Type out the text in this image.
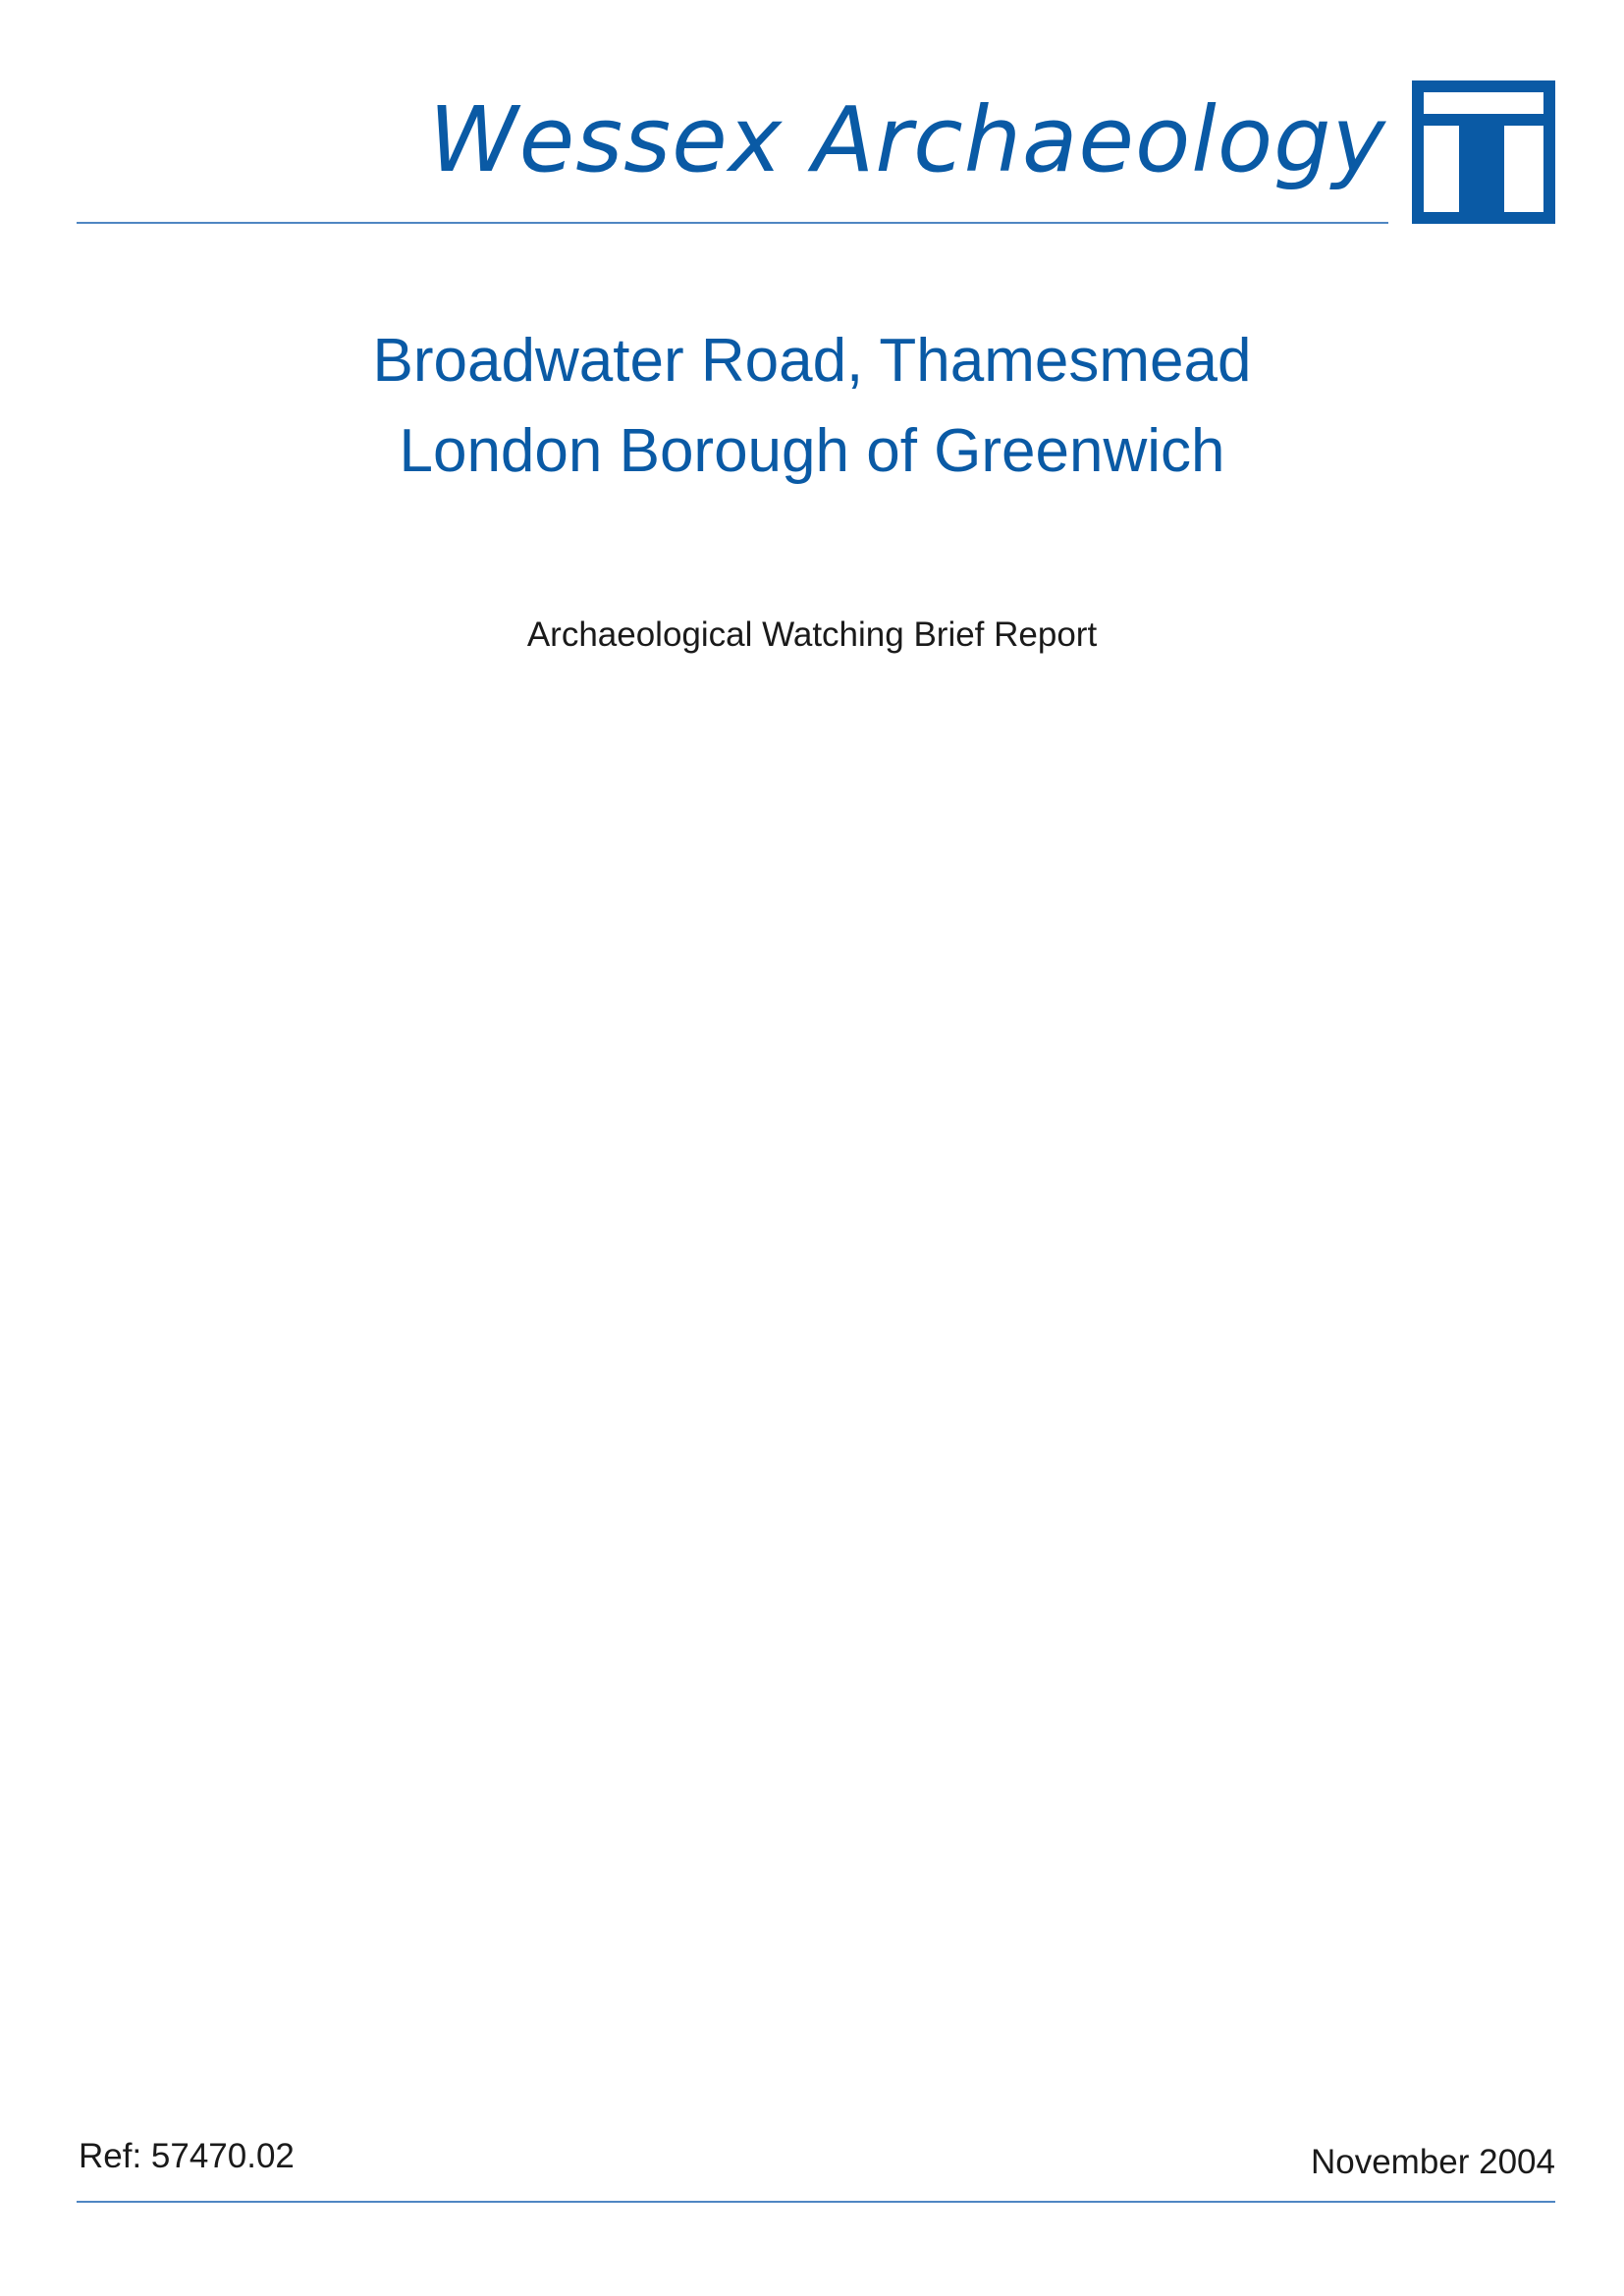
Wessex Archaeology
Broadwater Road, Thamesmead
London Borough of Greenwich
Archaeological Watching Brief Report
Ref: 57470.02	November 2004
